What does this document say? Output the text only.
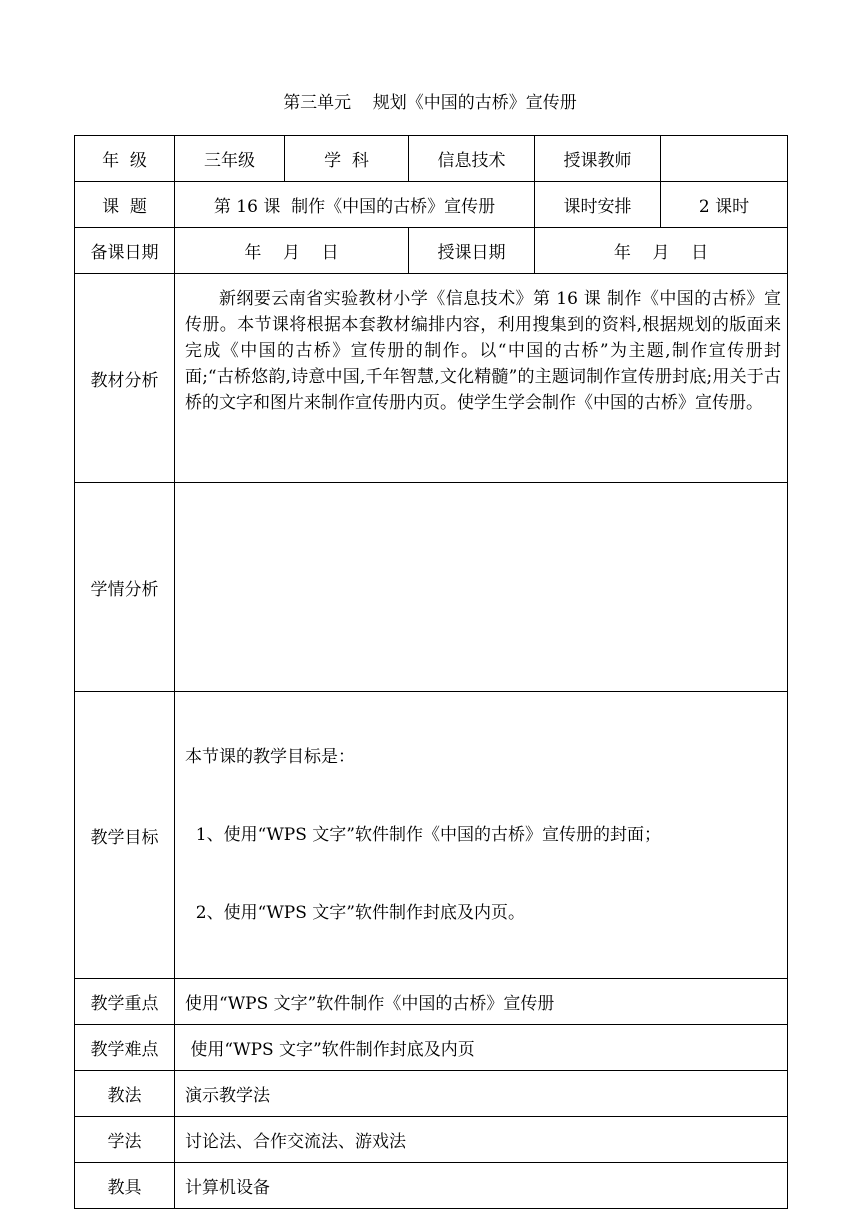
第三单元    规划《中国的古桥》宣传册
年  级	三年级	学  科	信息技术	授课教师	
课  题	第 16 课  制作《中国的古桥》宣传册			课时安排	2 课时
备课日期	年    月    日		授课日期	年    月    日	
教材分析	新纲要云南省实验教材小学《信息技术》第 16 课 制作《中国的古桥》宣传册。本节课将根据本套教材编排内容，利用搜集到的资料,根据规划的版面来完成《中国的古桥》宣传册的制作。以“中国的古桥”为主题,制作宣传册封面;“古桥悠韵,诗意中国,千年智慧,文化精髓”的主题词制作宣传册封底;用关于古桥的文字和图片来制作宣传册内页。使学生学会制作《中国的古桥》宣传册。				
学情分析					
教学目标	本节课的教学目标是：

1、使用“WPS 文字”软件制作《中国的古桥》宣传册的封面；

2、使用“WPS 文字”软件制作封底及内页。				

教学重点	使用“WPS 文字”软件制作《中国的古桥》宣传册				
教学难点	使用“WPS 文字”软件制作封底及内页				
教法	演示教学法				
学法	讨论法、合作交流法、游戏法				
教具	计算机设备				
